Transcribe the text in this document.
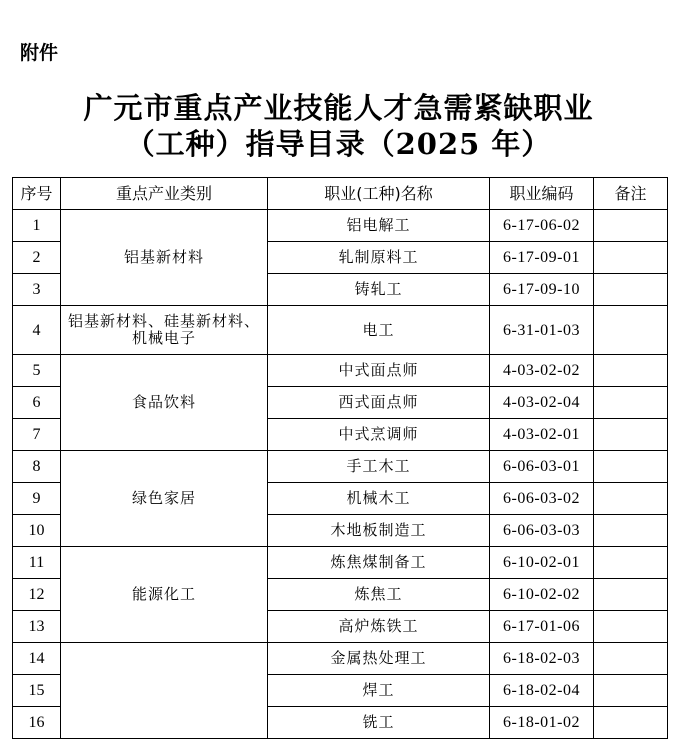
附件
广元市重点产业技能人才急需紧缺职业
（工种）指导目录（2025 年）
序号	重点产业类别	职业(工种)名称	职业编码	备注
1	铝基新材料	铝电解工	6-17-06-02	
2		轧制原料工	6-17-09-01	
3		铸轧工	6-17-09-10	
4	铝基新材料、硅基新材料、机械电子	电工	6-31-01-03	
5	食品饮料	中式面点师	4-03-02-02	
6		西式面点师	4-03-02-04	
7		中式烹调师	4-03-02-01	
8	绿色家居	手工木工	6-06-03-01	
9		机械木工	6-06-03-02	
10		木地板制造工	6-06-03-03	
11	能源化工	炼焦煤制备工	6-10-02-01	
12		炼焦工	6-10-02-02	
13		高炉炼铁工	6-17-01-06	
14		金属热处理工	6-18-02-03	
15		焊工	6-18-02-04	
16		铣工	6-18-01-02	
